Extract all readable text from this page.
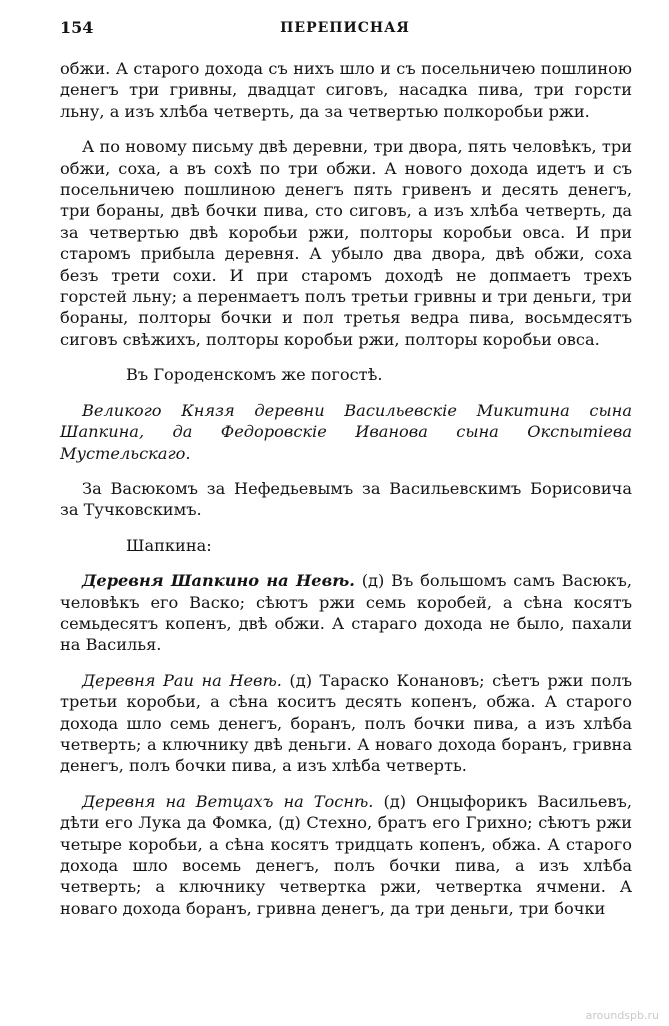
154	ПЕРЕПИСНАЯ

обжи. А старого дохода съ нихъ шло и съ посельничею пошлиною денегъ три гривны, двадцат сиговъ, насадка пива, три горсти льну, а изъ хлѣба четверть, да за четвертью полкоробьи ржи.

А по новому письму двѣ деревни, три двора, пять человѣкъ, три обжи, соха, а въ сохѣ по три обжи. А нового дохода идетъ и съ посельничею пошлиною денегъ пять гривенъ и десять денегъ, три бораны, двѣ бочки пива, сто сиговъ, а изъ хлѣба четверть, да за четвертью двѣ коробьи ржи, полторы коробьи овса. И при старомъ прибыла деревня. А убыло два двора, двѣ обжи, соха безъ трети сохи. И при старомъ доходѣ не допмаетъ трехъ горстей льну; а перенмаетъ полъ третьи гривны и три деньги, три бораны, полторы бочки и пол третья ведра пива, восьмдесятъ сиговъ свѣжихъ, полторы коробьи ржи, полторы коробьи овса.

Въ Городенскомъ же погостѣ.

Великого Князя деревни Васильевскіе Микитина сына Шапкина, да Федоровскіе Иванова сына Окспытіева Мустельскаго.

За Васюкомъ за Нефедьевымъ за Васильевскимъ Борисовича за Тучковскимъ.

Шапкина:

Деревня Шапкино на Невѣ. (д) Въ большомъ самъ Васюкъ, человѣкъ его Васко; сѣютъ ржи семь коробей, а сѣна косятъ семьдесятъ копенъ, двѣ обжи. А стараго дохода не было, пахали на Василья.

Деревня Раи на Невѣ. (д) Тараско Конановъ; сѣетъ ржи полъ третьи коробьи, а сѣна коситъ десять копенъ, обжа. А старого дохода шло семь денегъ, боранъ, полъ бочки пива, а изъ хлѣба четверть; а ключнику двѣ деньги. А новаго дохода боранъ, гривна денегъ, полъ бочки пива, а изъ хлѣба четверть.

Деревня на Ветцахъ на Тоснѣ. (д) Онцыфорикъ Васильевъ, дѣти его Лука да Фомка, (д) Стехно, братъ его Грихно; сѣютъ ржи четыре коробьи, а сѣна косятъ тридцать копенъ, обжа. А старого дохода шло восемь денегъ, полъ бочки пива, а изъ хлѣба четверть; а ключнику четвертка ржи, четвертка ячмени. А новаго дохода боранъ, гривна денегъ, да три деньги, три бочки

aroundspb.ru
